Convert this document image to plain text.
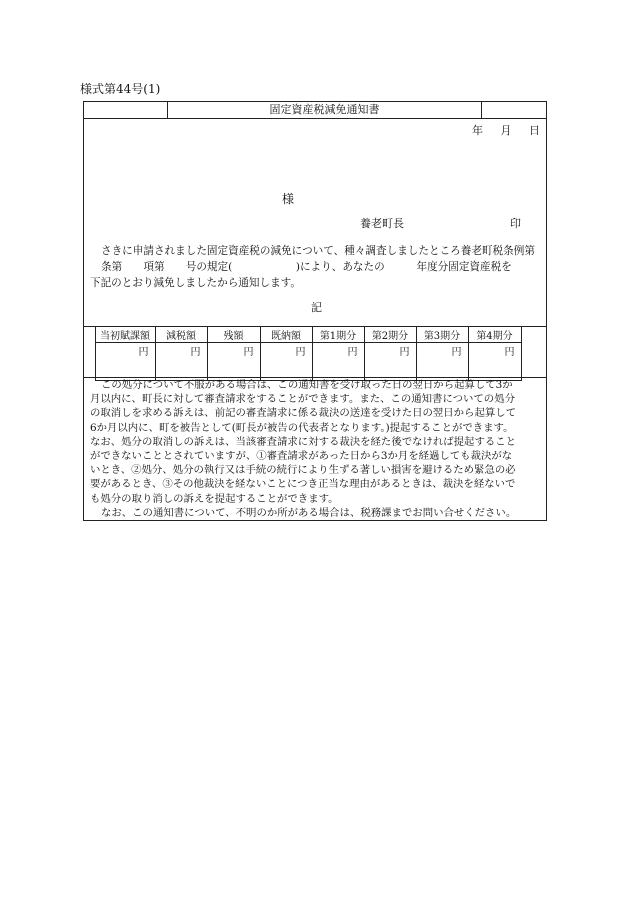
様式第44号(1)
固定資産税減免通知書
年 月 日
様
養老町長	印
さきに申請されました固定資産税の減免について、種々調査しましたところ養老町税条例第
条第　　項第　　号の規定(　　　　　　)により、あなたの　　　年度分固定資産税を
下記のとおり減免しましたから通知します。
記
	当初賦課額	減税額	残額	既納額	第1期分	第2期分	第3期分	第4期分	
	円	円	円	円	円	円	円	円	
この処分について不服がある場合は、この通知書を受け取った日の翌日から起算して3か
月以内に、町長に対して審査請求をすることができます。また、この通知書についての処分
の取消しを求める訴えは、前記の審査請求に係る裁決の送達を受けた日の翌日から起算して
6か月以内に、町を被告として(町長が被告の代表者となります。)提起することができます。
なお、処分の取消しの訴えは、当該審査請求に対する裁決を経た後でなければ提起すること
ができないこととされていますが、①審査請求があった日から3か月を経過しても裁決がな
いとき、②処分、処分の執行又は手続の続行により生ずる著しい損害を避けるため緊急の必
要があるとき、③その他裁決を経ないことにつき正当な理由があるときは、裁決を経ないで
も処分の取り消しの訴えを提起することができます。
なお、この通知書について、不明のか所がある場合は、税務課までお問い合せください。
